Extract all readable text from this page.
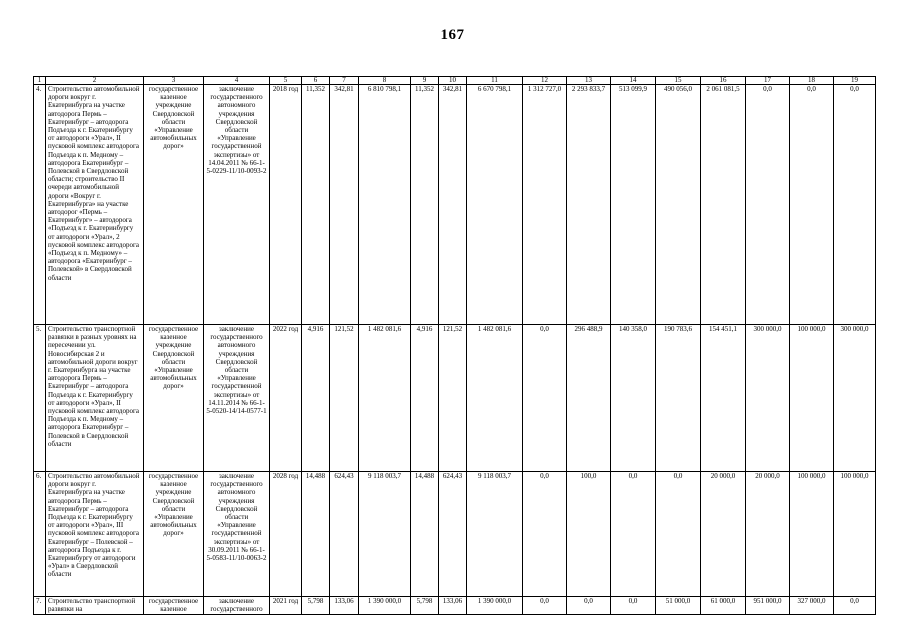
167
1	2	3	4	5	6	7	8	9	10	11	12	13	14	15	16	17	18	19
4.	Строительство автомобильной дороги вокруг г. Екатеринбурга на участке автодорога Пермь – Екатеринбург – автодорога Подъезда к г. Екатеринбургу от автодороги «Урал», II пусковой комплекс автодорога Подъезда к п. Медному – автодорога Екатеринбург – Полевской в Свердловской области; строительство II очереди автомобильной дороги «Вокруг г. Екатеринбурга» на участке автодорог «Пермь – Екатеринбург» – автодорога «Подъезд к г. Екатеринбургу от автодороги «Урал», 2 пусковой комплекс автодорога «Подъезд к п. Медному» – автодорога «Екатеринбург – Полевской» в Свердловской области	государственное казенное учреждение Свердловской области «Управление автомобильных дорог»	заключение государственного автономного учреждения Свердловской области «Управление государственной экспертизы» от 14.04.2011 № 66-1-5-0229-11/10-0093-2	2018 год	11,352	342,81	6 810 798,1	11,352	342,81	6 670 798,1	1 312 727,0	2 293 833,7	513 099,9	490 056,0	2 061 081,5	0,0	0,0	0,0
5.	Строительство транспортной развязки в разных уровнях на пересечении ул. Новосибирская 2 и автомобильной дороги вокруг г. Екатеринбурга на участке автодорога Пермь – Екатеринбург – автодорога Подъезда к г. Екатеринбургу от автодороги «Урал», II пусковой комплекс автодорога Подъезда к п. Медному – автодорога Екатеринбург – Полевской в Свердловской области	государственное казенное учреждение Свердловской области «Управление автомобильных дорог»	заключение государственного автономного учреждения Свердловской области «Управление государственной экспертизы» от 14.11.2014 № 66-1-5-0520-14/14-0577-1	2022 год	4,916	121,52	1 482 081,6	4,916	121,52	1 482 081,6	0,0	296 488,9	140 358,0	190 783,6	154 451,1	300 000,0	100 000,0	300 000,0
6.	Строительство автомобильной дороги вокруг г. Екатеринбурга на участке автодорога Пермь – Екатеринбург – автодорога Подъезда к г. Екатеринбургу от автодороги «Урал», III пусковой комплекс автодорога Екатеринбург – Полевской – автодорога Подъезда к г. Екатеринбургу от автодороги «Урал» в Свердловской области	государственное казенное учреждение Свердловской области «Управление автомобильных дорог»	заключение государственного автономного учреждения Свердловской области «Управление государственной экспертизы» от 30.09.2011 № 66-1-5-0583-11/10-0063-2	2028 год	14,488	624,43	9 118 003,7	14,488	624,43	9 118 003,7	0,0	100,0	0,0	0,0	20 000,0	20 000,0	100 000,0	100 000,0
7.	Строительство транспортной развязки на	государственное казенное	заключение государственного	2021 год	5,798	133,06	1 390 000,0	5,798	133,06	1 390 000,0	0,0	0,0	0,0	51 000,0	61 000,0	951 000,0	327 000,0	0,0
